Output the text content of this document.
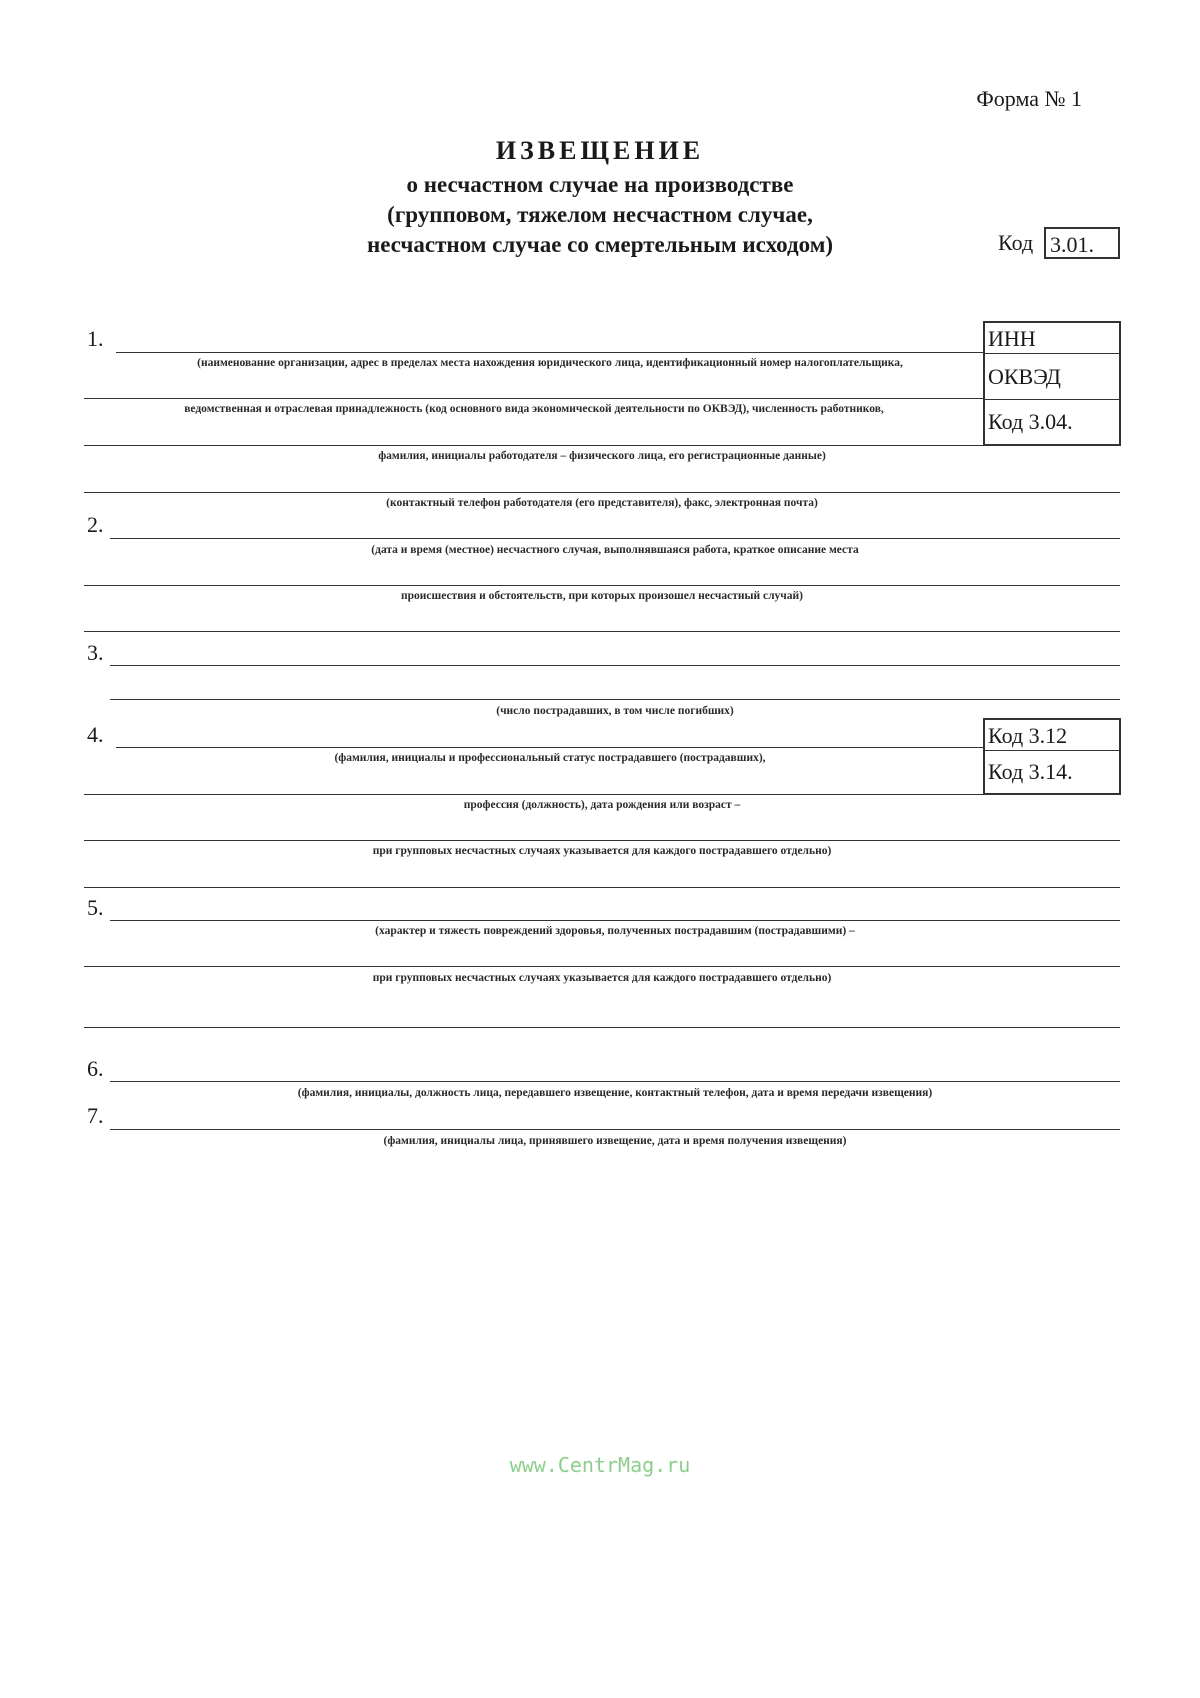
Форма № 1
ИЗВЕЩЕНИЕ
о несчастном случае на производстве
(групповом, тяжелом несчастном случае,
несчастном случае со смертельным исходом)	Код 3.01.
1.
(наименование организации, адрес в пределах места нахождения юридического лица, идентификационный номер налогоплательщика,
ведомственная и отраслевая принадлежность (код основного вида экономической деятельности по ОКВЭД), численность работников,
фамилия, инициалы работодателя – физического лица, его регистрационные данные)
(контактный телефон работодателя (его представителя), факс, электронная почта)
ИНН
ОКВЭД
Код 3.04.
2.
(дата и время (местное) несчастного случая, выполнявшаяся работа, краткое описание места
происшествия и обстоятельств, при которых произошел несчастный случай)
3.
(число пострадавших, в том числе погибших)
4.
(фамилия, инициалы и профессиональный статус пострадавшего (пострадавших),
профессия (должность), дата рождения или возраст –
при групповых несчастных случаях указывается для каждого пострадавшего отдельно)
Код 3.12
Код 3.14.
5.
(характер и тяжесть повреждений здоровья, полученных пострадавшим (пострадавшими) –
при групповых несчастных случаях указывается для каждого пострадавшего отдельно)
6.
(фамилия, инициалы, должность лица, передавшего извещение, контактный телефон, дата и время передачи извещения)
7.
(фамилия, инициалы лица, принявшего извещение, дата и время получения извещения)
www.CentrMag.ru
